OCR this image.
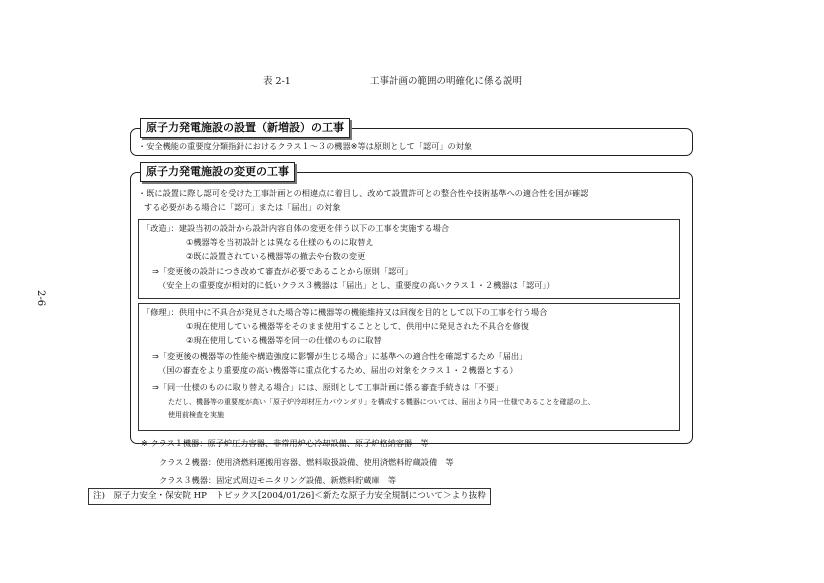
表 2-1	工事計画の範囲の明確化に係る説明
2-6
原子力発電施設の設置（新増設）の工事
・安全機能の重要度分類指針におけるクラス１～３の機器※等は原則として「認可」の対象
原子力発電施設の変更の工事
・既に設置に際し認可を受けた工事計画との相違点に着目し、改めて設置許可との整合性や技術基準への適合性を国が確認
する必要がある場合に「認可」または「届出」の対象
「改造」：建設当初の設計から設計内容自体の変更を伴う以下の工事を実施する場合
①機器等を当初設計とは異なる仕様のものに取替え
②既に設置されている機器等の撤去や台数の変更
⇒「変更後の設計につき改めて審査が必要であることから原則「認可」
（安全上の重要度が相対的に低いクラス３機器は「届出」とし、重要度の高いクラス１・２機器は「認可」）
「修理」：供用中に不具合が発見された場合等に機器等の機能維持又は回復を目的として以下の工事を行う場合
①現在使用している機器等をそのまま使用することとして、供用中に発見された不具合を修復
②現在使用している機器等を同一の仕様のものに取替
⇒「変更後の機器等の性能や構造強度に影響が生じる場合」に基準への適合性を確認するため「届出」
（国の審査をより重要度の高い機器等に重点化するため、届出の対象をクラス１・２機器とする）
⇒「同一仕様のものに取り替える場合」には、原則として工事計画に係る審査手続きは「不要」
ただし、機器等の重要度が高い「原子炉冷却材圧力バウンダリ」を構成する機器については、届出より同一仕様であることを確認の上、
使用前検査を実施
※ クラス１機器：原子炉圧力容器、非常用炉心冷却設備、原子炉格納容器　等
クラス２機器：使用済燃料運搬用容器、燃料取扱設備、使用済燃料貯蔵設備　等
クラス３機器：固定式周辺モニタリング設備、新燃料貯蔵庫　等
注)　原子力安全・保安院 HP　トピックス[2004/01/26]＜新たな原子力安全規制について＞より抜粋
